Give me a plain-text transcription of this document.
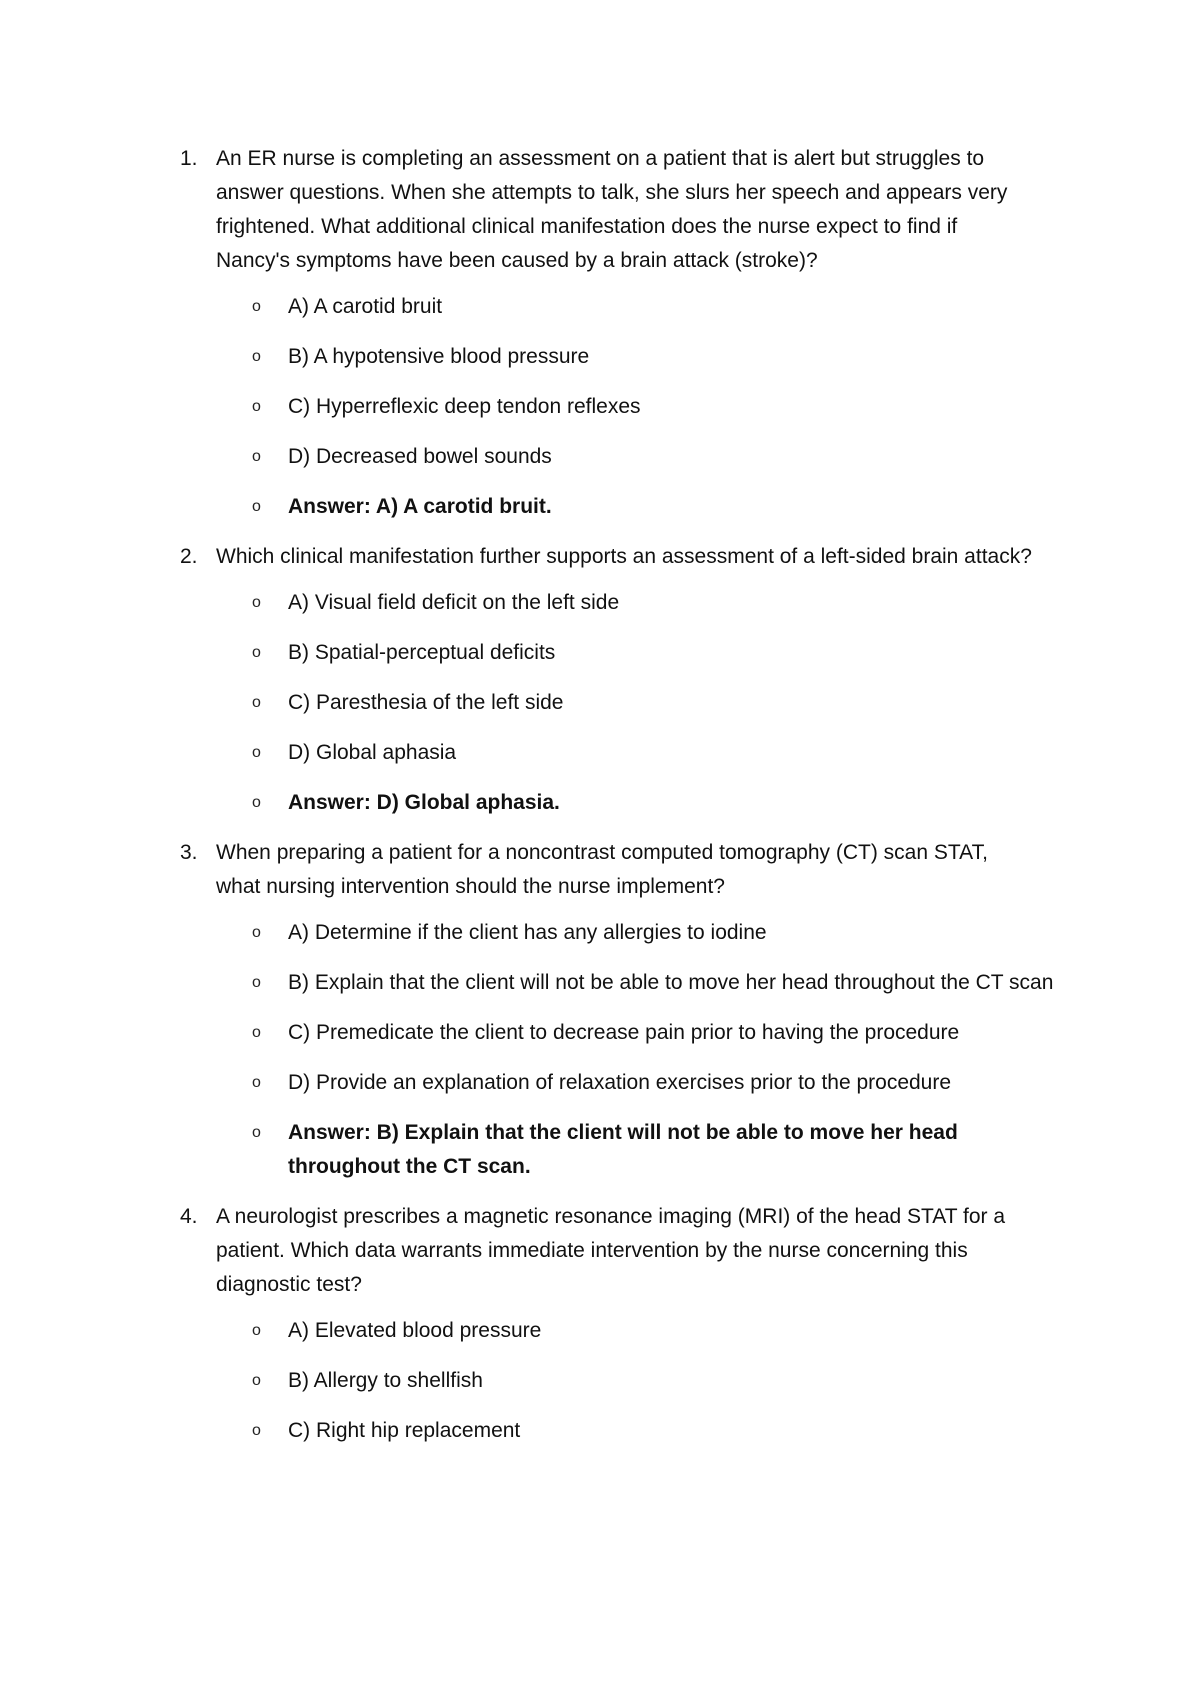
1. An ER nurse is completing an assessment on a patient that is alert but struggles to answer questions. When she attempts to talk, she slurs her speech and appears very frightened. What additional clinical manifestation does the nurse expect to find if Nancy's symptoms have been caused by a brain attack (stroke)?
o A) A carotid bruit
o B) A hypotensive blood pressure
o C) Hyperreflexic deep tendon reflexes
o D) Decreased bowel sounds
o Answer: A) A carotid bruit.
2. Which clinical manifestation further supports an assessment of a left-sided brain attack?
o A) Visual field deficit on the left side
o B) Spatial-perceptual deficits
o C) Paresthesia of the left side
o D) Global aphasia
o Answer: D) Global aphasia.
3. When preparing a patient for a noncontrast computed tomography (CT) scan STAT, what nursing intervention should the nurse implement?
o A) Determine if the client has any allergies to iodine
o B) Explain that the client will not be able to move her head throughout the CT scan
o C) Premedicate the client to decrease pain prior to having the procedure
o D) Provide an explanation of relaxation exercises prior to the procedure
o Answer: B) Explain that the client will not be able to move her head throughout the CT scan.
4. A neurologist prescribes a magnetic resonance imaging (MRI) of the head STAT for a patient. Which data warrants immediate intervention by the nurse concerning this diagnostic test?
o A) Elevated blood pressure
o B) Allergy to shellfish
o C) Right hip replacement
